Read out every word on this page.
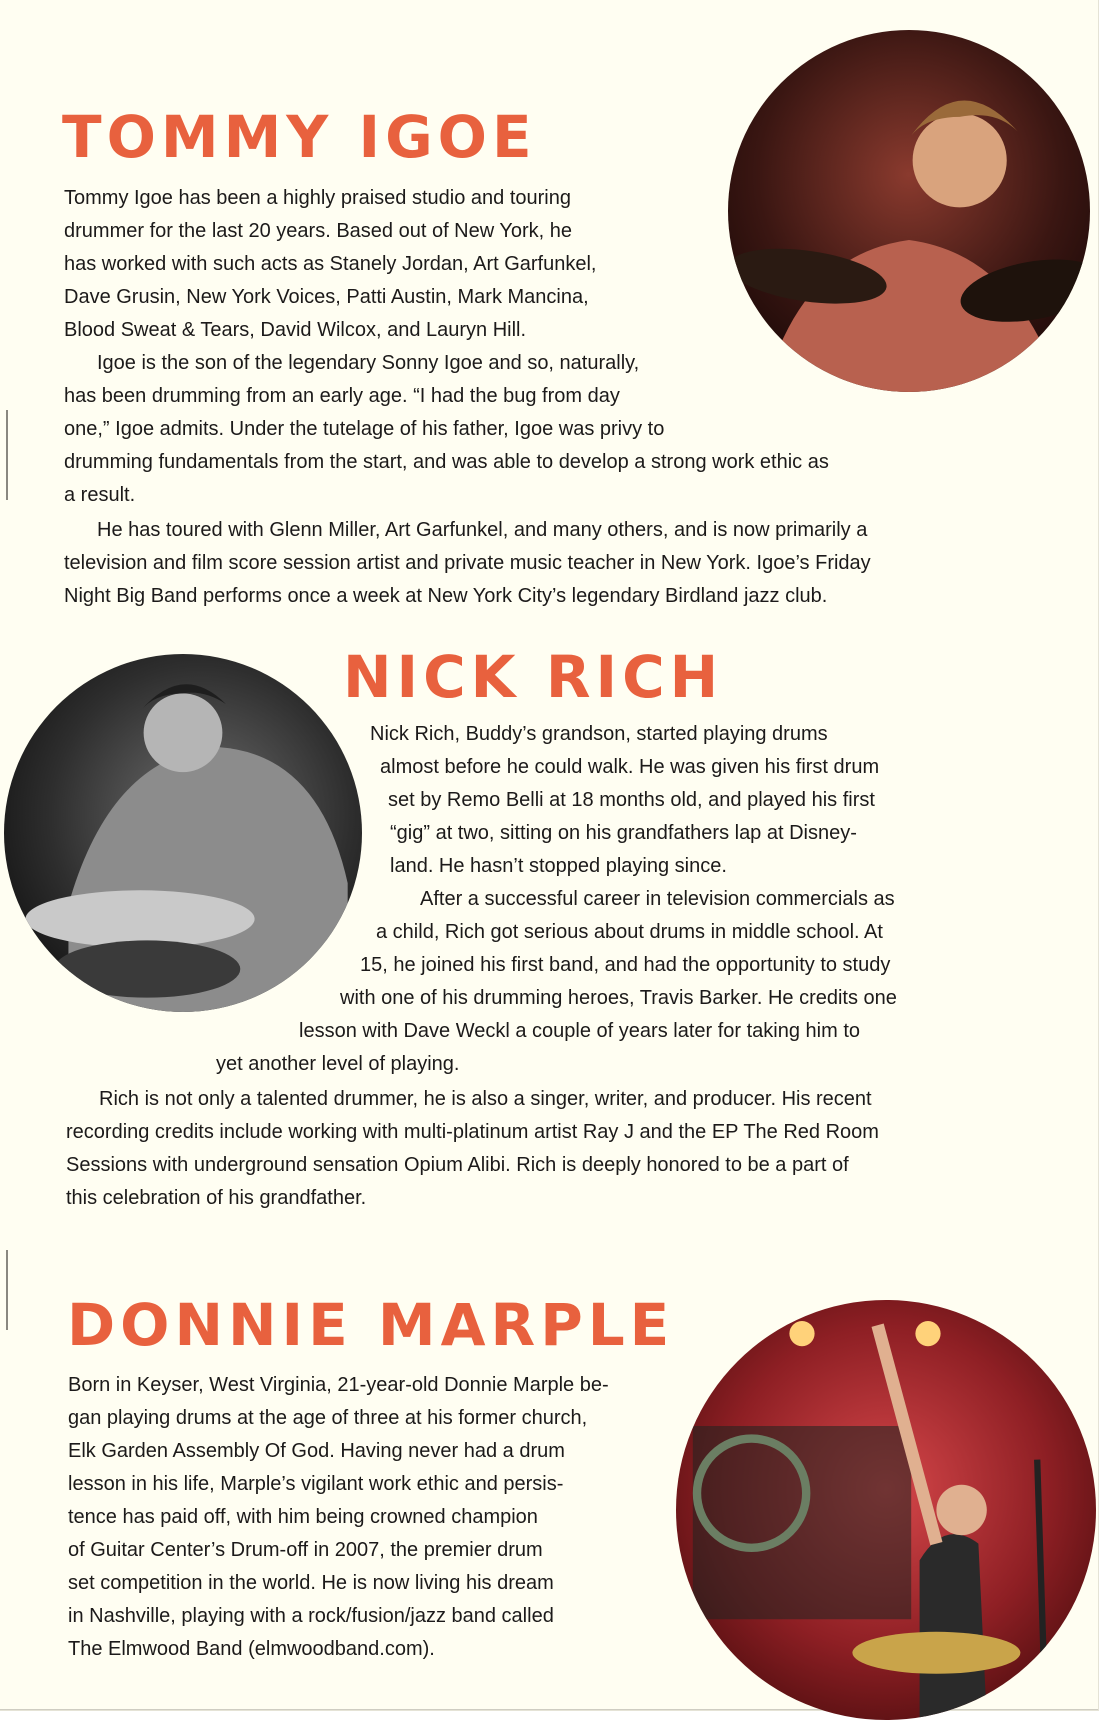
TOMMY IGOE
Tommy Igoe has been a highly praised studio and touring
drummer for the last 20 years. Based out of New York, he
has worked with such acts as Stanely Jordan, Art Garfunkel,
Dave Grusin, New York Voices, Patti Austin, Mark Mancina,
Blood Sweat & Tears, David Wilcox, and Lauryn Hill.
Igoe is the son of the legendary Sonny Igoe and so, naturally,
has been drumming from an early age. “I had the bug from day
one,” Igoe admits. Under the tutelage of his father, Igoe was privy to
drumming fundamentals from the start, and was able to develop a strong work ethic as
a result.
He has toured with Glenn Miller, Art Garfunkel, and many others, and is now primarily a
television and film score session artist and private music teacher in New York. Igoe’s Friday
Night Big Band performs once a week at New York City’s legendary Birdland jazz club.
NICK RICH
Nick Rich, Buddy’s grandson, started playing drums
almost before he could walk. He was given his first drum
set by Remo Belli at 18 months old, and played his first
“gig” at two, sitting on his grandfathers lap at Disney-
land. He hasn’t stopped playing since.
After a successful career in television commercials as
a child, Rich got serious about drums in middle school. At
15, he joined his first band, and had the opportunity to study
with one of his drumming heroes, Travis Barker. He credits one
lesson with Dave Weckl a couple of years later for taking him to
yet another level of playing.
Rich is not only a talented drummer, he is also a singer, writer, and producer. His recent
recording credits include working with multi-platinum artist Ray J and the EP The Red Room
Sessions with underground sensation Opium Alibi. Rich is deeply honored to be a part of
this celebration of his grandfather.
DONNIE MARPLE
Born in Keyser, West Virginia, 21-year-old Donnie Marple be-
gan playing drums at the age of three at his former church,
Elk Garden Assembly Of God. Having never had a drum
lesson in his life, Marple’s vigilant work ethic and persis-
tence has paid off, with him being crowned champion
of Guitar Center’s Drum-off in 2007, the premier drum
set competition in the world. He is now living his dream
in Nashville, playing with a rock/fusion/jazz band called
The Elmwood Band (elmwoodband.com).
